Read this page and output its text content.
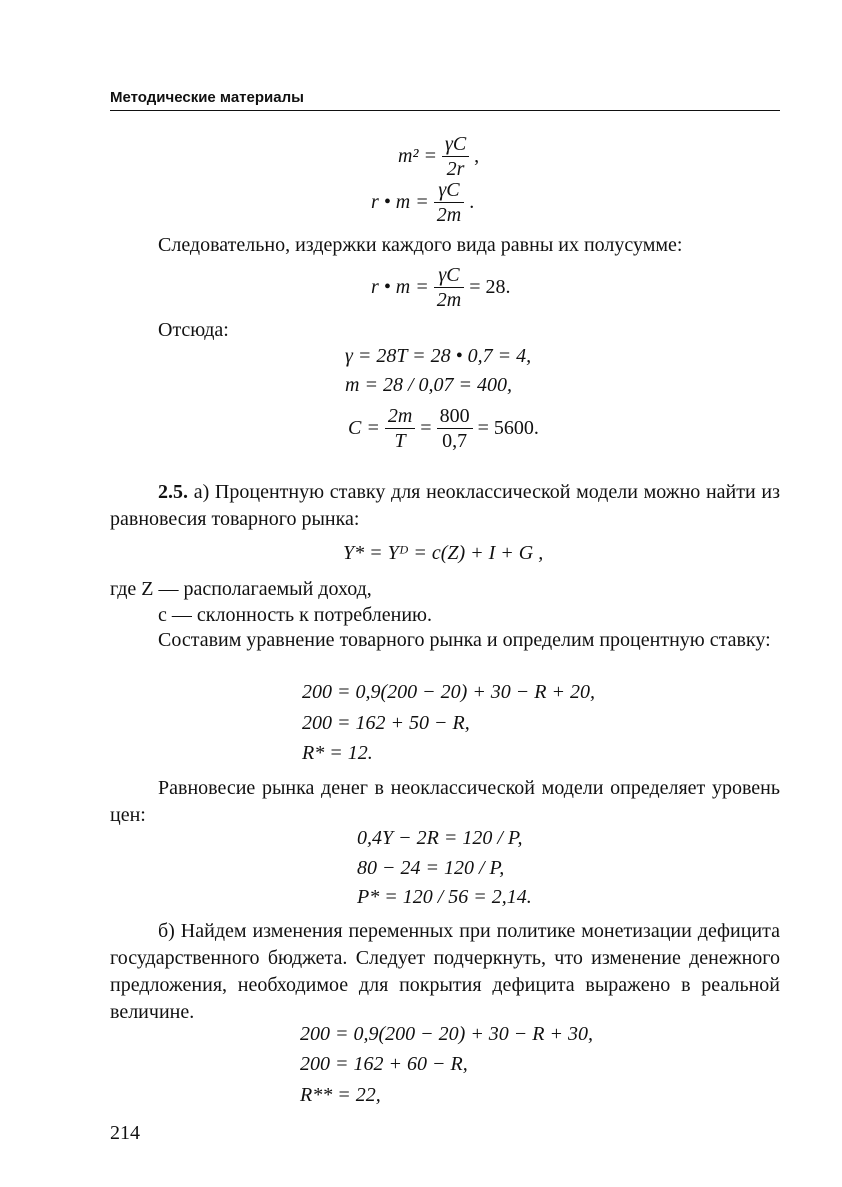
Методические материалы
$m^2 = \frac{\gamma C}{2r}$ ,
r • $m = \frac{\gamma C}{2m}$ .
Следовательно, издержки каждого вида равны их полусумме:
r • $m = \frac{\gamma C}{2m} = 28$.
Отсюда:
γ = 28T = 28 • 0,7 = 4,
m = 28 / 0,07 = 400,
$C = \frac{2m}{T} = \frac{800}{0,7} = 5600$.
2.5. а) Процентную ставку для неоклассической модели можно найти из равновесия товарного рынка:
Y* = Yᴰ = c(Z) + I + G ,
где Z — располагаемый доход,
c — склонность к потреблению.
Составим уравнение товарного рынка и определим процентную ставку:
200 = 0,9(200 − 20) + 30 − R + 20,
200 = 162 + 50 − R,
R* = 12.
Равновесие рынка денег в неоклассической модели определяет уровень цен:
0,4Y − 2R = 120 / P,
80 − 24 = 120 / P,
P* = 120 / 56 = 2,14.
б) Найдем изменения переменных при политике монетизации дефицита государственного бюджета. Следует подчеркнуть, что изменение денежного предложения, необходимое для покрытия дефицита выражено в реальной величине.
200 = 0,9(200 − 20) + 30 − R + 30,
200 = 162 + 60 − R,
R** = 22,
214
